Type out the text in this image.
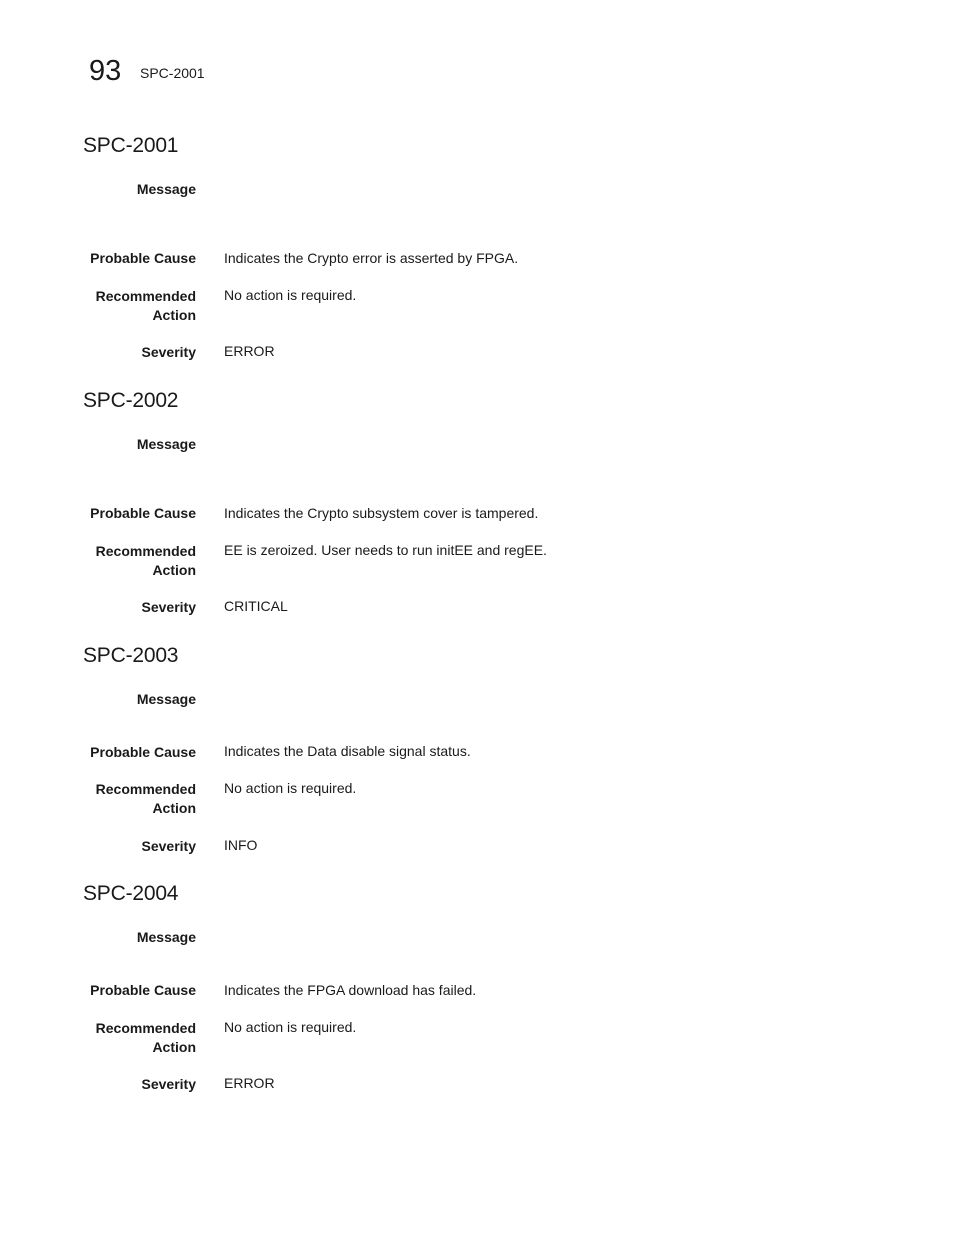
93 SPC-2001
SPC-2001
Message
Probable Cause Indicates the Crypto error is asserted by FPGA.
Recommended
Action
No action is required.
Severity ERROR
SPC-2002
Message
Probable Cause Indicates the Crypto subsystem cover is tampered.
Recommended
Action
EE is zeroized. User needs to run initEE and regEE.
Severity CRITICAL
SPC-2003
Message
Probable Cause Indicates the Data disable signal status.
Recommended
Action
No action is required.
Severity INFO
SPC-2004
Message
Probable Cause Indicates the FPGA download has failed.
Recommended
Action
No action is required.
Severity ERROR
